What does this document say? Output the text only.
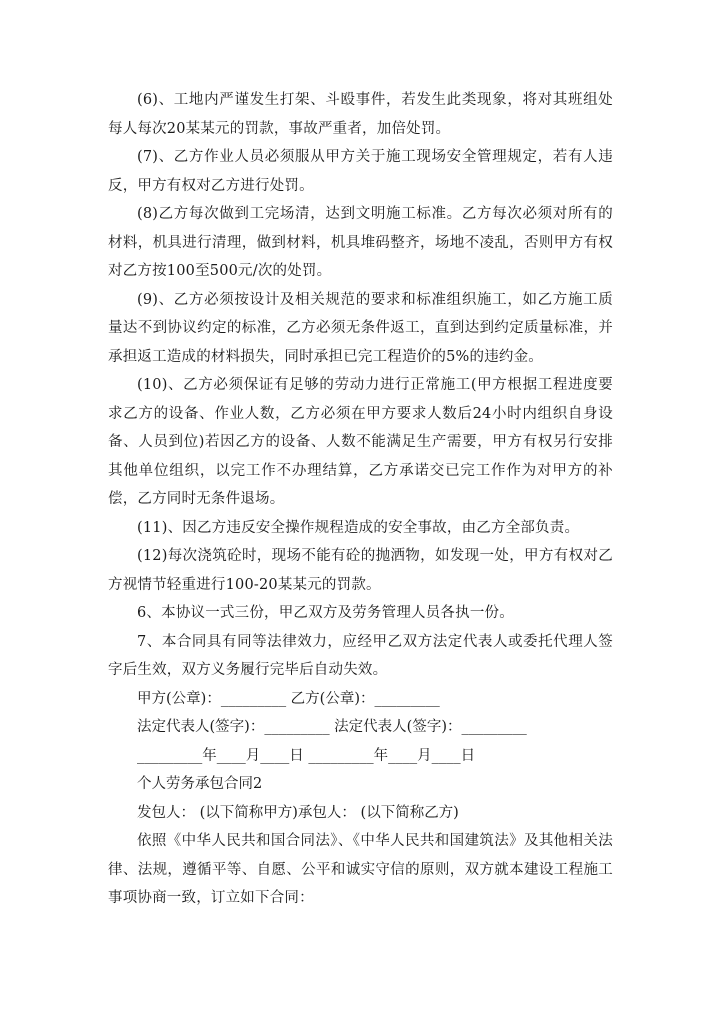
(6)、工地内严谨发生打架、斗殴事件，若发生此类现象，将对其班组处每人每次20某某元的罚款，事故严重者，加倍处罚。

(7)、乙方作业人员必须服从甲方关于施工现场安全管理规定，若有人违反，甲方有权对乙方进行处罚。

(8)乙方每次做到工完场清，达到文明施工标准。乙方每次必须对所有的材料，机具进行清理，做到材料，机具堆码整齐，场地不凌乱，否则甲方有权对乙方按100至500元/次的处罚。

(9)、乙方必须按设计及相关规范的要求和标准组织施工，如乙方施工质量达不到协议约定的标准，乙方必须无条件返工，直到达到约定质量标准，并承担返工造成的材料损失，同时承担已完工程造价的5%的违约金。

(10)、乙方必须保证有足够的劳动力进行正常施工(甲方根据工程进度要求乙方的设备、作业人数，乙方必须在甲方要求人数后24小时内组织自身设备、人员到位)若因乙方的设备、人数不能满足生产需要，甲方有权另行安排其他单位组织，以完工作不办理结算，乙方承诺交已完工作作为对甲方的补偿，乙方同时无条件退场。

(11)、因乙方违反安全操作规程造成的安全事故，由乙方全部负责。

(12)每次浇筑砼时，现场不能有砼的抛洒物，如发现一处，甲方有权对乙方视情节轻重进行100-20某某元的罚款。

6、本协议一式三份，甲乙双方及劳务管理人员各执一份。

7、本合同具有同等法律效力，应经甲乙双方法定代表人或委托代理人签字后生效，双方义务履行完毕后自动失效。

甲方(公章)：_________ 乙方(公章)：_________

法定代表人(签字)：_________ 法定代表人(签字)：_________

_________年____月____日 _________年____月____日

个人劳务承包合同2

发包人： (以下简称甲方)承包人： (以下简称乙方)

依照《中华人民共和国合同法》、《中华人民共和国建筑法》及其他相关法律、法规，遵循平等、自愿、公平和诚实守信的原则，双方就本建设工程施工事项协商一致，订立如下合同：
